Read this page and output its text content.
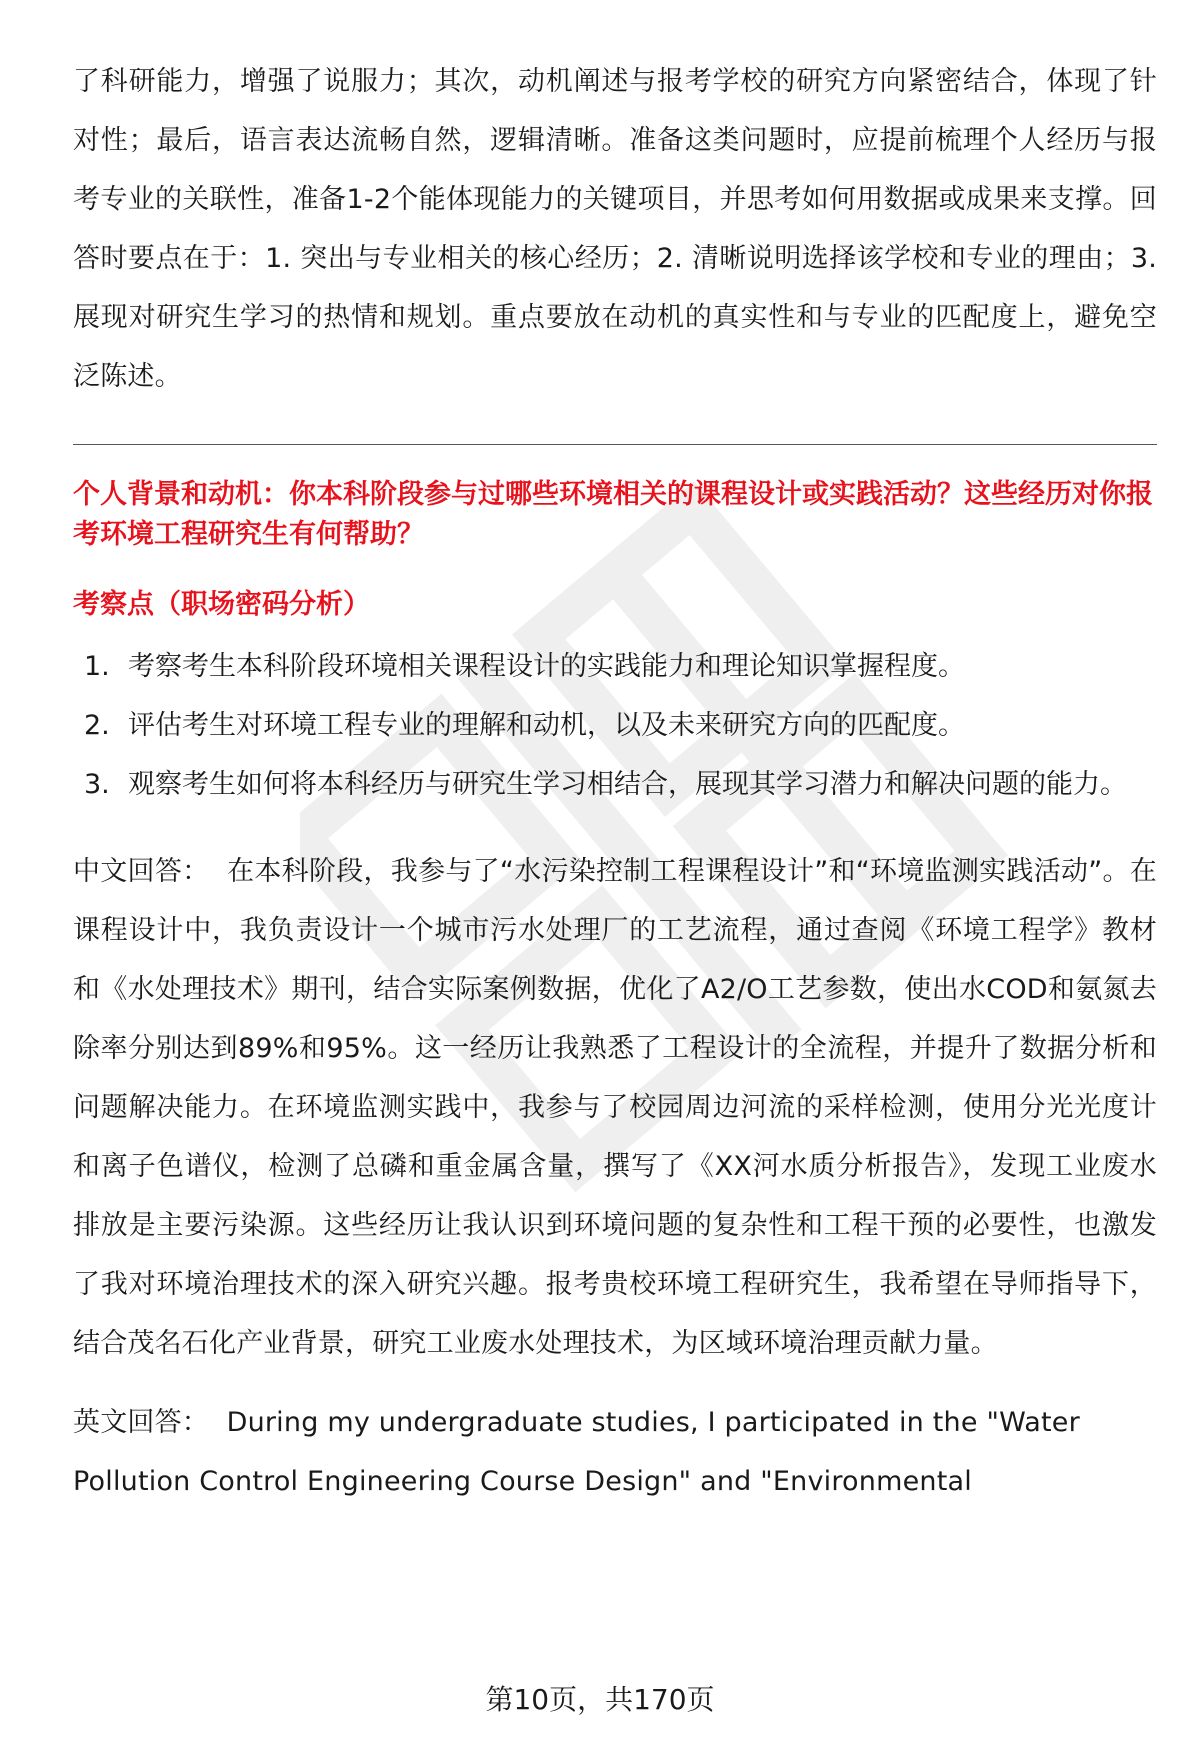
了科研能力，增强了说服力；其次，动机阐述与报考学校的研究方向紧密结合，体现了针对性；最后，语言表达流畅自然，逻辑清晰。准备这类问题时，应提前梳理个人经历与报考专业的关联性，准备1-2个能体现能力的关键项目，并思考如何用数据或成果来支撑。回答时要点在于：1. 突出与专业相关的核心经历；2. 清晰说明选择该学校和专业的理由；3. 展现对研究生学习的热情和规划。重点要放在动机的真实性和与专业的匹配度上，避免空泛陈述。

个人背景和动机：你本科阶段参与过哪些环境相关的课程设计或实践活动？这些经历对你报考环境工程研究生有何帮助？

考察点（职场密码分析）

1. 考察考生本科阶段环境相关课程设计的实践能力和理论知识掌握程度。
2. 评估考生对环境工程专业的理解和动机，以及未来研究方向的匹配度。
3. 观察考生如何将本科经历与研究生学习相结合，展现其学习潜力和解决问题的能力。

中文回答： 在本科阶段，我参与了“水污染控制工程课程设计”和“环境监测实践活动”。在课程设计中，我负责设计一个城市污水处理厂的工艺流程，通过查阅《环境工程学》教材和《水处理技术》期刊，结合实际案例数据，优化了A2/O工艺参数，使出水COD和氨氮去除率分别达到89%和95%。这一经历让我熟悉了工程设计的全流程，并提升了数据分析和问题解决能力。在环境监测实践中，我参与了校园周边河流的采样检测，使用分光光度计和离子色谱仪，检测了总磷和重金属含量，撰写了《XX河水质分析报告》，发现工业废水排放是主要污染源。这些经历让我认识到环境问题的复杂性和工程干预的必要性，也激发了我对环境治理技术的深入研究兴趣。报考贵校环境工程研究生，我希望在导师指导下，结合茂名石化产业背景，研究工业废水处理技术，为区域环境治理贡献力量。

英文回答： During my undergraduate studies, I participated in the "Water Pollution Control Engineering Course Design" and "Environmental

第10页，共170页
